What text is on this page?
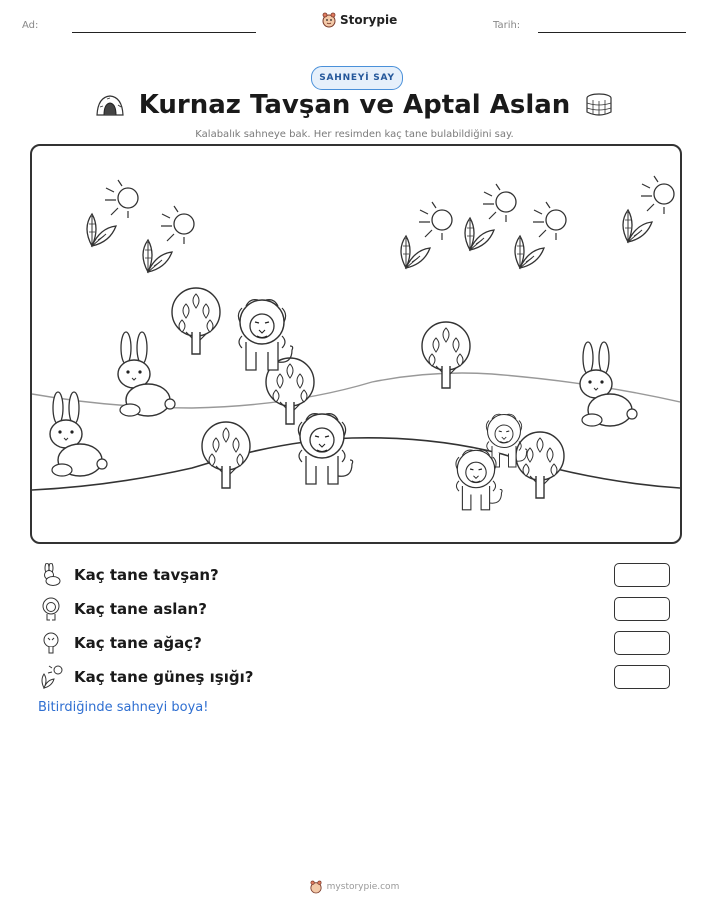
Ad:	Storypie	Tarih:
SAHNEYİ SAY
Kurnaz Tavşan ve Aptal Aslan
Kalabalık sahneye bak. Her resimden kaç tane bulabildiğini say.
Kaç tane tavşan?
Kaç tane aslan?
Kaç tane ağaç?
Kaç tane güneş ışığı?
Bitirdiğinde sahneyi boya!
mystorypie.com
